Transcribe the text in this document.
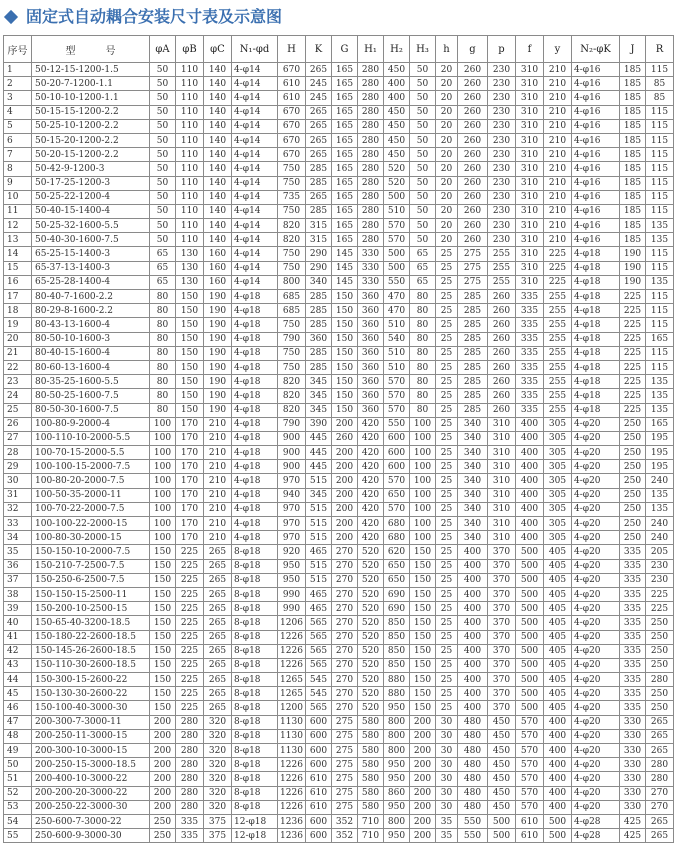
固定式自动耦合安装尺寸表及示意图
序号	型　　　号	φA	φB	φC	N₁-φd	H	K	G	H₁	H₂	H₃	h	g	p	f	y	N₂-φK	J	R
1	50-12-15-1200-1.5	50	110	140	4-φ14	670	265	165	280	450	50	20	260	230	310	210	4-φ16	185	115
2	50-20-7-1200-1.1	50	110	140	4-φ14	610	245	165	280	400	50	20	260	230	310	210	4-φ16	185	85
3	50-10-10-1200-1.1	50	110	140	4-φ14	610	245	165	280	400	50	20	260	230	310	210	4-φ16	185	85
4	50-15-15-1200-2.2	50	110	140	4-φ14	670	265	165	280	450	50	20	260	230	310	210	4-φ16	185	115
5	50-25-10-1200-2.2	50	110	140	4-φ14	670	265	165	280	450	50	20	260	230	310	210	4-φ16	185	115
6	50-15-20-1200-2.2	50	110	140	4-φ14	670	265	165	280	450	50	20	260	230	310	210	4-φ16	185	115
7	50-20-15-1200-2.2	50	110	140	4-φ14	670	265	165	280	450	50	20	260	230	310	210	4-φ16	185	115
8	50-42-9-1200-3	50	110	140	4-φ14	750	285	165	280	520	50	20	260	230	310	210	4-φ16	185	115
9	50-17-25-1200-3	50	110	140	4-φ14	750	285	165	280	520	50	20	260	230	310	210	4-φ16	185	115
10	50-25-22-1200-4	50	110	140	4-φ14	735	265	165	280	500	50	20	260	230	310	210	4-φ16	185	115
11	50-40-15-1400-4	50	110	140	4-φ14	750	285	165	280	510	50	20	260	230	310	210	4-φ16	185	115
12	50-25-32-1600-5.5	50	110	140	4-φ14	820	315	165	280	570	50	20	260	230	310	210	4-φ16	185	135
13	50-40-30-1600-7.5	50	110	140	4-φ14	820	315	165	280	570	50	20	260	230	310	210	4-φ16	185	135
14	65-25-15-1400-3	65	130	160	4-φ14	750	290	145	330	500	65	25	275	255	310	225	4-φ18	190	115
15	65-37-13-1400-3	65	130	160	4-φ14	750	290	145	330	500	65	25	275	255	310	225	4-φ18	190	115
16	65-25-28-1400-4	65	130	160	4-φ14	800	340	145	330	550	65	25	275	255	310	225	4-φ18	190	135
17	80-40-7-1600-2.2	80	150	190	4-φ18	685	285	150	360	470	80	25	285	260	335	255	4-φ18	225	115
18	80-29-8-1600-2.2	80	150	190	4-φ18	685	285	150	360	470	80	25	285	260	335	255	4-φ18	225	115
19	80-43-13-1600-4	80	150	190	4-φ18	750	285	150	360	510	80	25	285	260	335	255	4-φ18	225	115
20	80-50-10-1600-3	80	150	190	4-φ18	790	360	150	360	540	80	25	285	260	335	255	4-φ18	225	165
21	80-40-15-1600-4	80	150	190	4-φ18	750	285	150	360	510	80	25	285	260	335	255	4-φ18	225	115
22	80-60-13-1600-4	80	150	190	4-φ18	750	285	150	360	510	80	25	285	260	335	255	4-φ18	225	115
23	80-35-25-1600-5.5	80	150	190	4-φ18	820	345	150	360	570	80	25	285	260	335	255	4-φ18	225	135
24	80-50-25-1600-7.5	80	150	190	4-φ18	820	345	150	360	570	80	25	285	260	335	255	4-φ18	225	135
25	80-50-30-1600-7.5	80	150	190	4-φ18	820	345	150	360	570	80	25	285	260	335	255	4-φ18	225	135
26	100-80-9-2000-4	100	170	210	4-φ18	790	390	200	420	550	100	25	340	310	400	305	4-φ20	250	165
27	100-110-10-2000-5.5	100	170	210	4-φ18	900	445	260	420	600	100	25	340	310	400	305	4-φ20	250	195
28	100-70-15-2000-5.5	100	170	210	4-φ18	900	445	200	420	600	100	25	340	310	400	305	4-φ20	250	195
29	100-100-15-2000-7.5	100	170	210	4-φ18	900	445	200	420	600	100	25	340	310	400	305	4-φ20	250	195
30	100-80-20-2000-7.5	100	170	210	4-φ18	970	515	200	420	570	100	25	340	310	400	305	4-φ20	250	240
31	100-50-35-2000-11	100	170	210	4-φ18	940	345	200	420	650	100	25	340	310	400	305	4-φ20	250	135
32	100-70-22-2000-7.5	100	170	210	4-φ18	970	515	200	420	570	100	25	340	310	400	305	4-φ20	250	135
33	100-100-22-2000-15	100	170	210	4-φ18	970	515	200	420	680	100	25	340	310	400	305	4-φ20	250	240
34	100-80-30-2000-15	100	170	210	4-φ18	970	515	200	420	680	100	25	340	310	400	305	4-φ20	250	240
35	150-150-10-2000-7.5	150	225	265	8-φ18	920	465	270	520	620	150	25	400	370	500	405	4-φ20	335	205
36	150-210-7-2500-7.5	150	225	265	8-φ18	950	515	270	520	650	150	25	400	370	500	405	4-φ20	335	230
37	150-250-6-2500-7.5	150	225	265	8-φ18	950	515	270	520	650	150	25	400	370	500	405	4-φ20	335	230
38	150-150-15-2500-11	150	225	265	8-φ18	990	465	270	520	690	150	25	400	370	500	405	4-φ20	335	225
39	150-200-10-2500-15	150	225	265	8-φ18	990	465	270	520	690	150	25	400	370	500	405	4-φ20	335	225
40	150-65-40-3200-18.5	150	225	265	8-φ18	1206	565	270	520	850	150	25	400	370	500	405	4-φ20	335	250
41	150-180-22-2600-18.5	150	225	265	8-φ18	1226	565	270	520	850	150	25	400	370	500	405	4-φ20	335	250
42	150-145-26-2600-18.5	150	225	265	8-φ18	1226	565	270	520	850	150	25	400	370	500	405	4-φ20	335	250
43	150-110-30-2600-18.5	150	225	265	8-φ18	1226	565	270	520	850	150	25	400	370	500	405	4-φ20	335	250
44	150-300-15-2600-22	150	225	265	8-φ18	1265	545	270	520	880	150	25	400	370	500	405	4-φ20	335	280
45	150-130-30-2600-22	150	225	265	8-φ18	1265	545	270	520	880	150	25	400	370	500	405	4-φ20	335	250
46	150-100-40-3000-30	150	225	265	8-φ18	1200	565	270	520	950	150	25	400	370	500	405	4-φ20	335	250
47	200-300-7-3000-11	200	280	320	8-φ18	1130	600	275	580	800	200	30	480	450	570	400	4-φ20	330	265
48	200-250-11-3000-15	200	280	320	8-φ18	1130	600	275	580	800	200	30	480	450	570	400	4-φ20	330	265
49	200-300-10-3000-15	200	280	320	8-φ18	1130	600	275	580	800	200	30	480	450	570	400	4-φ20	330	265
50	200-250-15-3000-18.5	200	280	320	8-φ18	1226	600	275	580	950	200	30	480	450	570	400	4-φ20	330	280
51	200-400-10-3000-22	200	280	320	8-φ18	1226	610	275	580	950	200	30	480	450	570	400	4-φ20	330	280
52	200-200-20-3000-22	200	280	320	8-φ18	1226	610	275	580	860	200	30	480	450	570	400	4-φ20	330	270
53	200-250-22-3000-30	200	280	320	8-φ18	1226	610	275	580	950	200	30	480	450	570	400	4-φ20	330	270
54	250-600-7-3000-22	250	335	375	12-φ18	1236	600	352	710	800	200	35	550	500	610	500	4-φ28	425	265
55	250-600-9-3000-30	250	335	375	12-φ18	1236	600	352	710	950	200	35	550	500	610	500	4-φ28	425	265
